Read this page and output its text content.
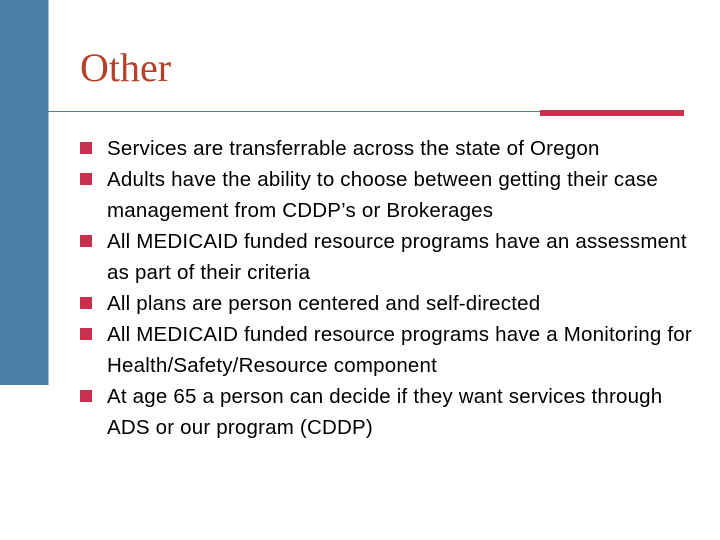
Other
Services are transferrable across the state of Oregon
Adults have the ability to choose between getting their case management from CDDP’s or Brokerages
All MEDICAID funded resource programs have an assessment as part of their criteria
All plans are person centered and self-directed
All MEDICAID funded resource programs have a Monitoring for Health/Safety/Resource component
At age 65 a person can decide if they want services through ADS or our program (CDDP)
